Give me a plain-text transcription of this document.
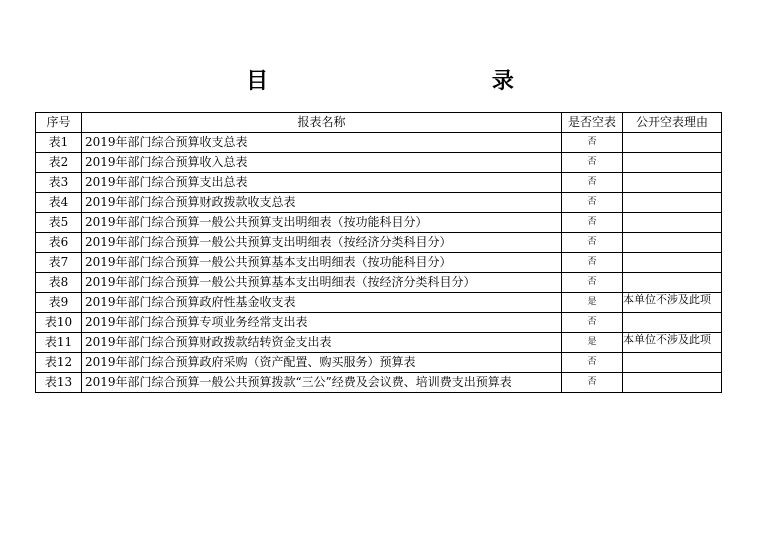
目 录
序号	报表名称	是否空表	公开空表理由
表1	2019年部门综合预算收支总表	否	
表2	2019年部门综合预算收入总表	否	
表3	2019年部门综合预算支出总表	否	
表4	2019年部门综合预算财政拨款收支总表	否	
表5	2019年部门综合预算一般公共预算支出明细表（按功能科目分）	否	
表6	2019年部门综合预算一般公共预算支出明细表（按经济分类科目分）	否	
表7	2019年部门综合预算一般公共预算基本支出明细表（按功能科目分）	否	
表8	2019年部门综合预算一般公共预算基本支出明细表（按经济分类科目分）	否	
表9	2019年部门综合预算政府性基金收支表	是	本单位不涉及此项
表10	2019年部门综合预算专项业务经常支出表	否	
表11	2019年部门综合预算财政拨款结转资金支出表	是	本单位不涉及此项
表12	2019年部门综合预算政府采购（资产配置、购买服务）预算表	否	
表13	2019年部门综合预算一般公共预算拨款“三公”经费及会议费、培训费支出预算表	否	
